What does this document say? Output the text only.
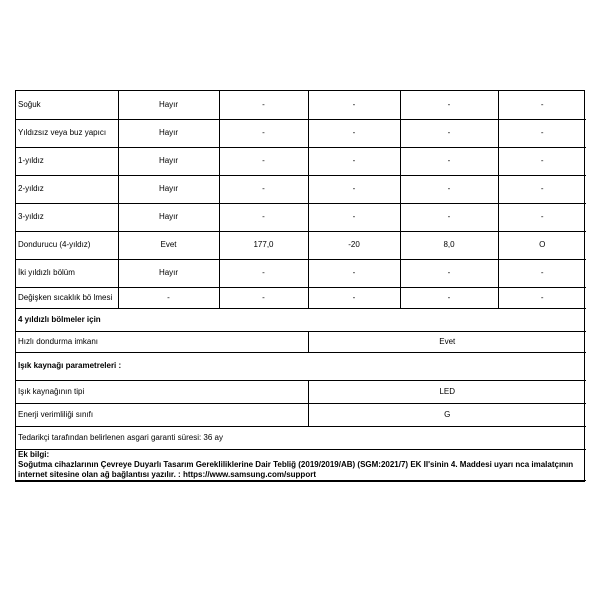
Soğuk	Hayır	-	-	-	-
Yıldızsız veya buz yapıcı	Hayır	-	-	-	-
1-yıldız	Hayır	-	-	-	-
2-yıldız	Hayır	-	-	-	-
3-yıldız	Hayır	-	-	-	-
Dondurucu (4-yıldız)	Evet	177,0	-20	8,0	O
İki yıldızlı bölüm	Hayır	-	-	-	-
Değişken sıcaklık bö lmesi	-	-	-	-	-
4 yıldızlı bölmeler için					
Hızlı dondurma imkanı			Evet		
Işık kaynağı parametreleri :					
Işık kaynağının tipi			LED		
Enerji verimliliği sınıfı			G		
Tedarikçi tarafından belirlenen asgari garanti süresi: 36 ay					

Ek bilgi:
Soğutma cihazlarının Çevreye Duyarlı Tasarım Gerekliliklerine Dair Tebliğ (2019/2019/AB) (SGM:2021/7) EK II'sinin 4. Maddesi uyarı nca imalatçının internet sitesine olan ağ bağlantısı yazılır. : https://www.samsung.com/support					
